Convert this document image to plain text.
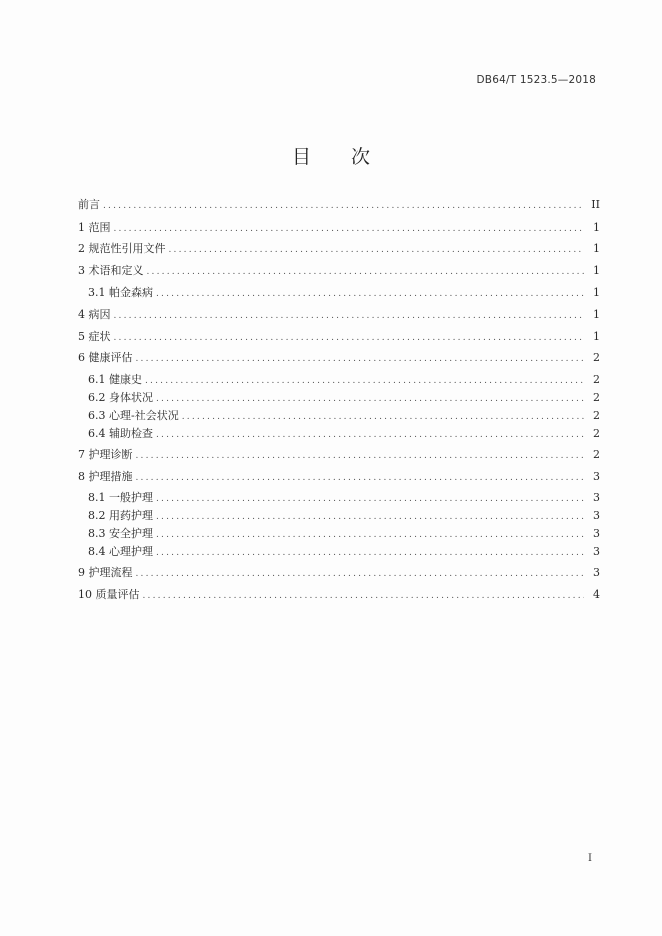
DB64/T 1523.5—2018
目次
前言 .....	II
1 范围 .....	1
2 规范性引用文件 .....	1
3 术语和定义 .....	1
3.1 帕金森病 .....	1
4 病因 .....	1
5 症状 .....	1
6 健康评估 .....	2
6.1 健康史 .....	2
6.2 身体状况 .....	2
6.3 心理-社会状况 .....	2
6.4 辅助检查 .....	2
7 护理诊断 .....	2
8 护理措施 .....	3
8.1 一般护理 .....	3
8.2 用药护理 .....	3
8.3 安全护理 .....	3
8.4 心理护理 .....	3
9 护理流程 .....	3
10 质量评估 .....	4
I
